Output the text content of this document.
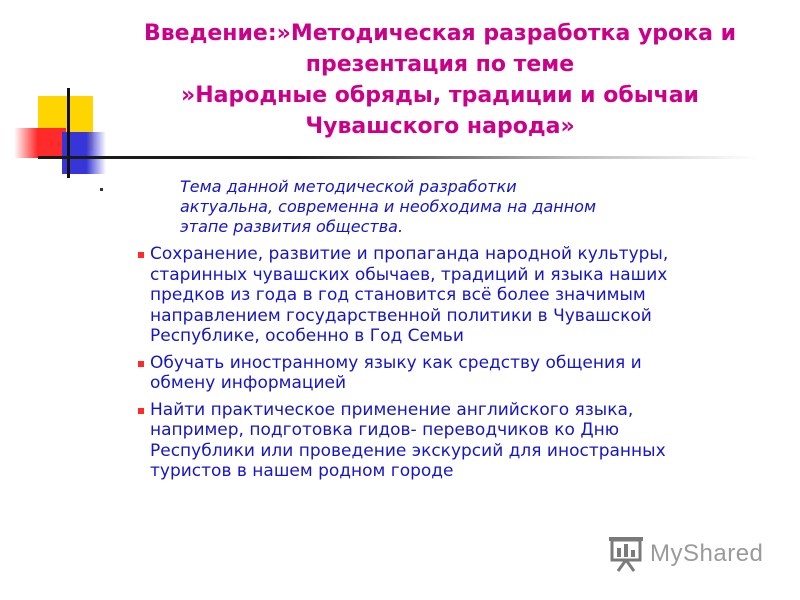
Введение:»Методическая разработка урока и
презентация по теме
»Народные обряды, традиции и обычаи
Чувашского народа»
Тема данной методической разработки
актуальна, современна и необходима на данном
этапе развития общества.
Сохранение, развитие и пропаганда народной культуры,
старинных чувашских обычаев, традиций и языка наших
предков из года в год становится всё более значимым
направлением государственной политики в Чувашской
Республике, особенно в Год Семьи
Обучать иностранному языку как средству общения и
обмену информацией
Найти практическое применение английского языка,
например, подготовка гидов- переводчиков ко Дню
Республики или проведение экскурсий для иностранных
туристов в нашем родном городе
MyShared
